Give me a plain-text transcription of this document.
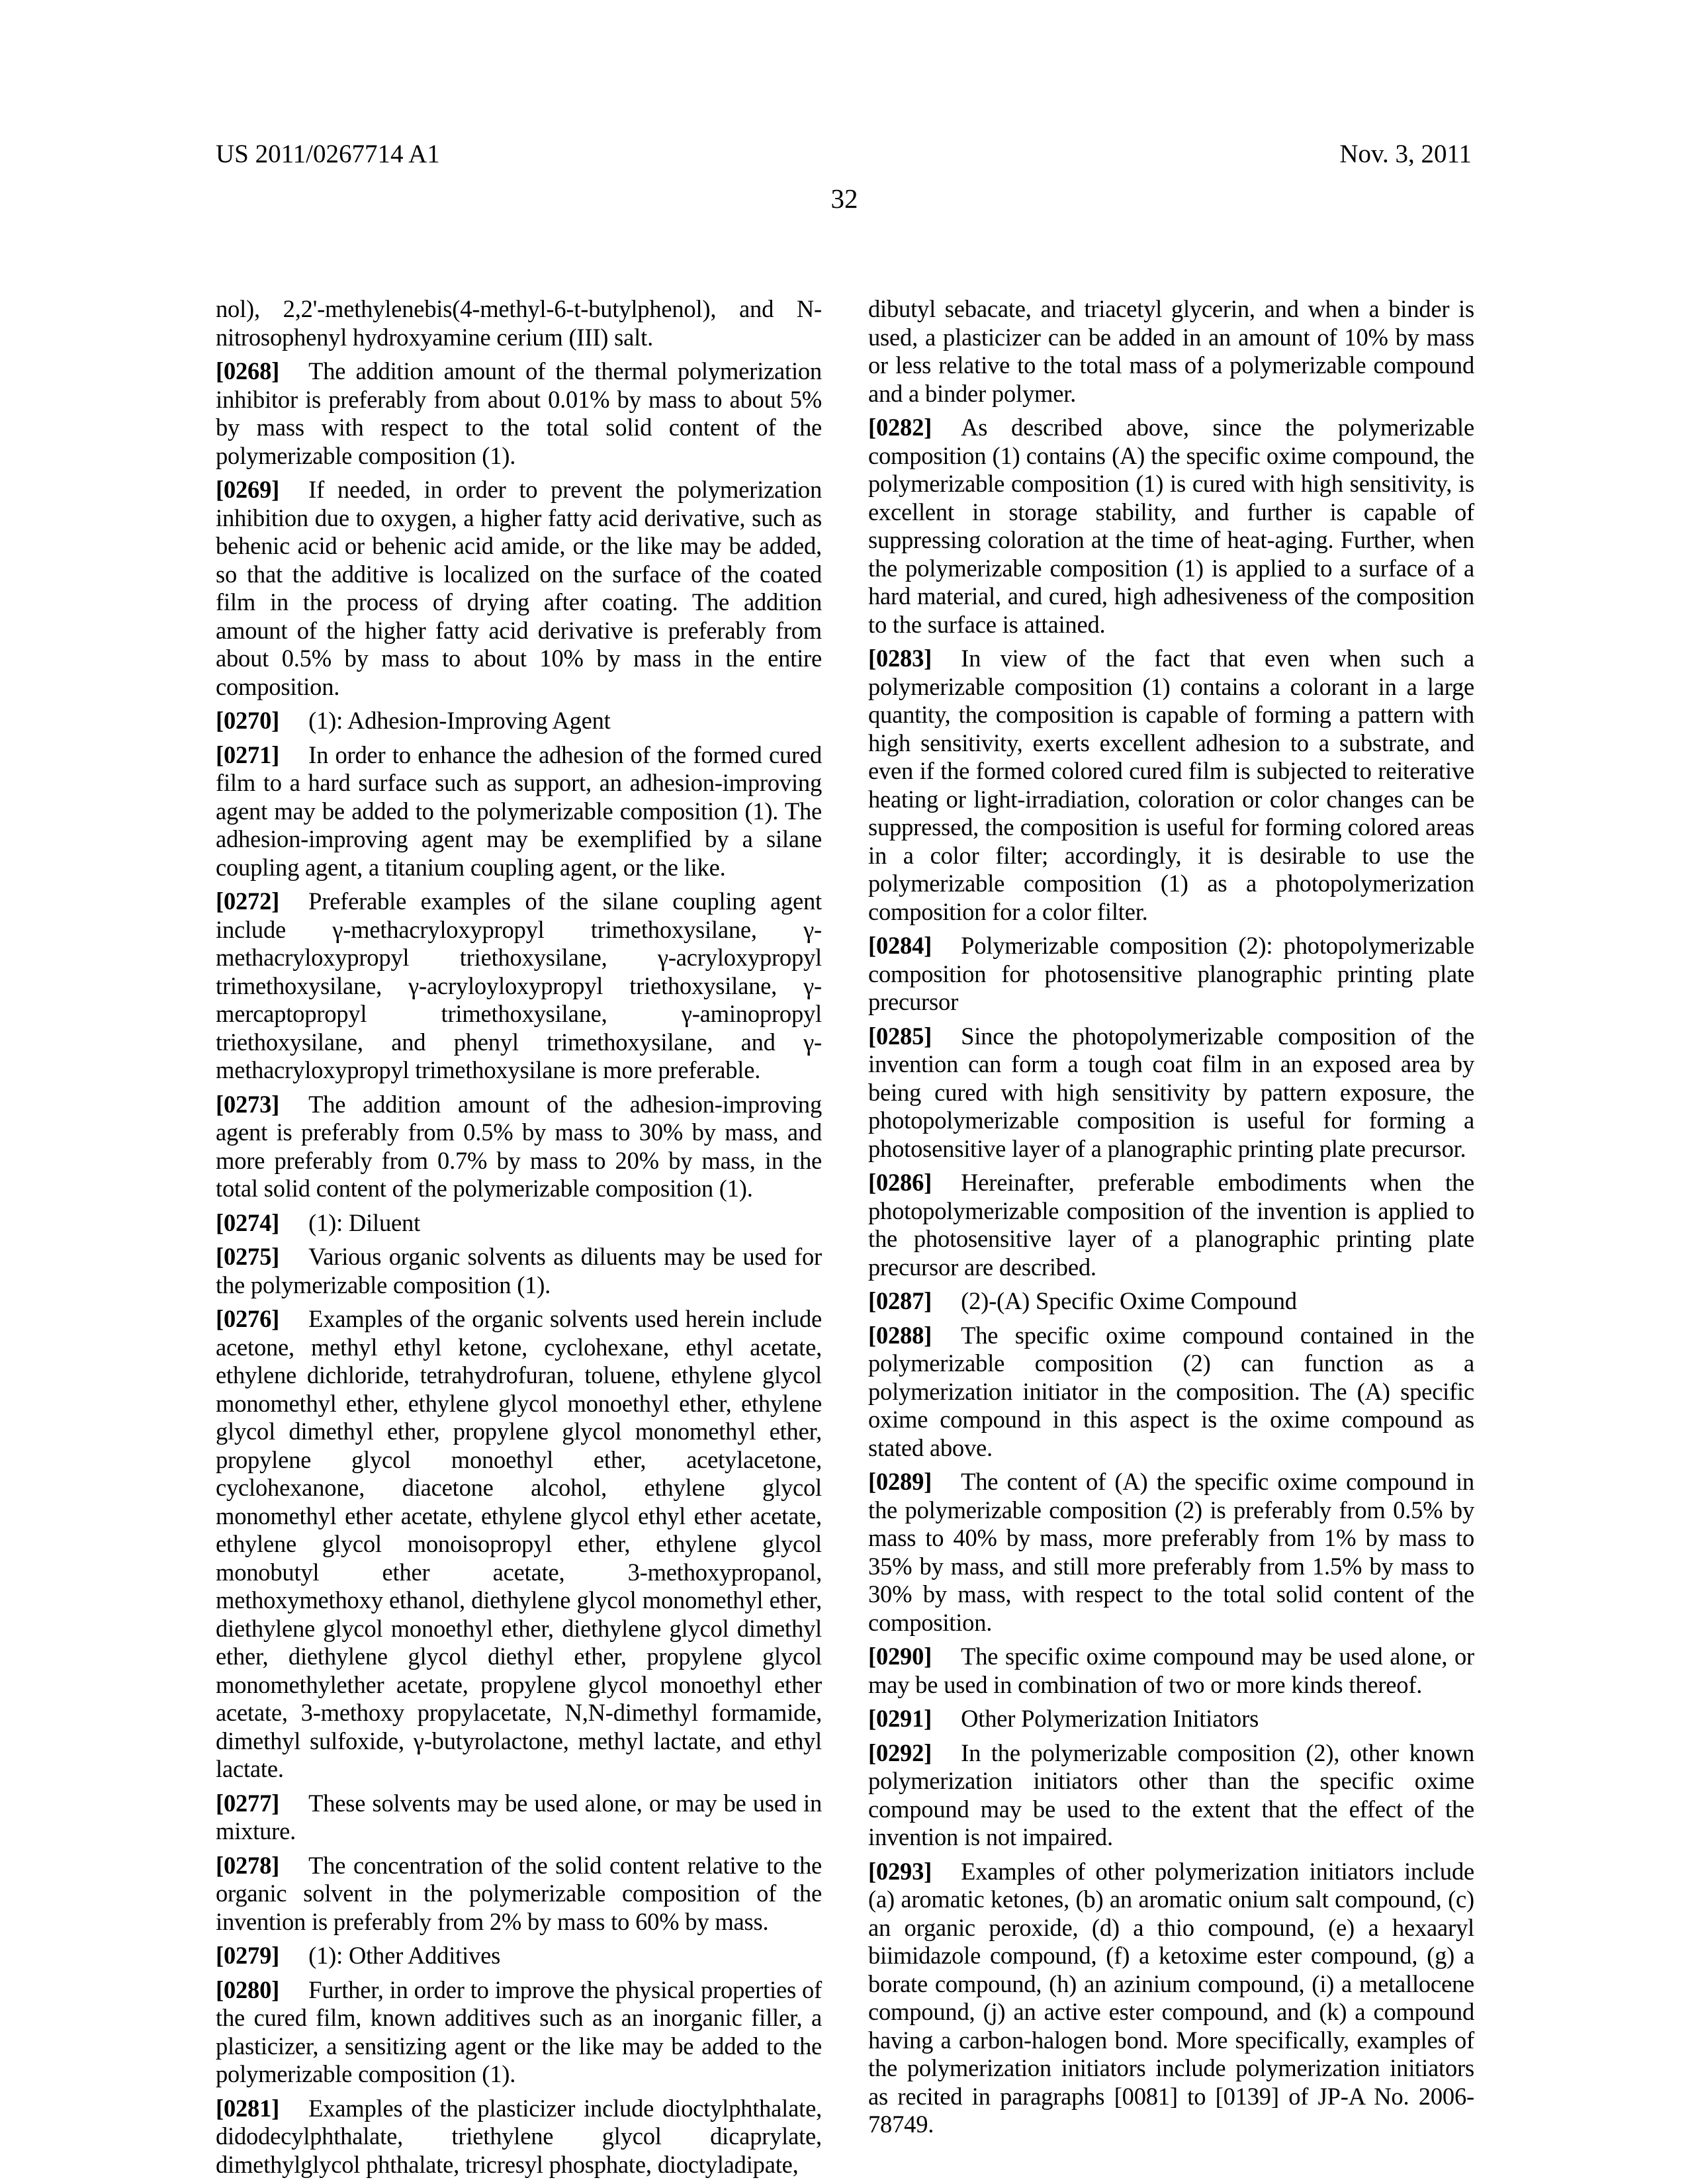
US 2011/0267714 A1	Nov. 3, 2011
32
nol), 2,2'-methylenebis(4-methyl-6-t-butylphenol), and N-nitrosophenyl hydroxyamine cerium (III) salt.
[0268] The addition amount of the thermal polymerization inhibitor is preferably from about 0.01% by mass to about 5% by mass with respect to the total solid content of the polymerizable composition (1).
[0269] If needed, in order to prevent the polymerization inhibition due to oxygen, a higher fatty acid derivative, such as behenic acid or behenic acid amide, or the like may be added, so that the additive is localized on the surface of the coated film in the process of drying after coating. The addition amount of the higher fatty acid derivative is preferably from about 0.5% by mass to about 10% by mass in the entire composition.
[0270] (1): Adhesion-Improving Agent
[0271] In order to enhance the adhesion of the formed cured film to a hard surface such as support, an adhesion-improving agent may be added to the polymerizable composition (1). The adhesion-improving agent may be exemplified by a silane coupling agent, a titanium coupling agent, or the like.
[0272] Preferable examples of the silane coupling agent include γ-methacryloxypropyl trimethoxysilane, γ-methacryloxypropyl triethoxysilane, γ-acryloxypropyl trimethoxysilane, γ-acryloyloxypropyl triethoxysilane, γ-mercaptopropyl trimethoxysilane, γ-aminopropyl triethoxysilane, and phenyl trimethoxysilane, and γ-methacryloxypropyl trimethoxysilane is more preferable.
[0273] The addition amount of the adhesion-improving agent is preferably from 0.5% by mass to 30% by mass, and more preferably from 0.7% by mass to 20% by mass, in the total solid content of the polymerizable composition (1).
[0274] (1): Diluent
[0275] Various organic solvents as diluents may be used for the polymerizable composition (1).
[0276] Examples of the organic solvents used herein include acetone, methyl ethyl ketone, cyclohexane, ethyl acetate, ethylene dichloride, tetrahydrofuran, toluene, ethylene glycol monomethyl ether, ethylene glycol monoethyl ether, ethylene glycol dimethyl ether, propylene glycol monomethyl ether, propylene glycol monoethyl ether, acetylacetone, cyclohexanone, diacetone alcohol, ethylene glycol monomethyl ether acetate, ethylene glycol ethyl ether acetate, ethylene glycol monoisopropyl ether, ethylene glycol monobutyl ether acetate, 3-methoxypropanol, methoxymethoxy ethanol, diethylene glycol monomethyl ether, diethylene glycol monoethyl ether, diethylene glycol dimethyl ether, diethylene glycol diethyl ether, propylene glycol monomethylether acetate, propylene glycol monoethyl ether acetate, 3-methoxy propylacetate, N,N-dimethyl formamide, dimethyl sulfoxide, γ-butyrolactone, methyl lactate, and ethyl lactate.
[0277] These solvents may be used alone, or may be used in mixture.
[0278] The concentration of the solid content relative to the organic solvent in the polymerizable composition of the invention is preferably from 2% by mass to 60% by mass.
[0279] (1): Other Additives
[0280] Further, in order to improve the physical properties of the cured film, known additives such as an inorganic filler, a plasticizer, a sensitizing agent or the like may be added to the polymerizable composition (1).
[0281] Examples of the plasticizer include dioctylphthalate, didodecylphthalate, triethylene glycol dicaprylate, dimethylglycol phthalate, tricresyl phosphate, dioctyladipate,
dibutyl sebacate, and triacetyl glycerin, and when a binder is used, a plasticizer can be added in an amount of 10% by mass or less relative to the total mass of a polymerizable compound and a binder polymer.
[0282] As described above, since the polymerizable composition (1) contains (A) the specific oxime compound, the polymerizable composition (1) is cured with high sensitivity, is excellent in storage stability, and further is capable of suppressing coloration at the time of heat-aging. Further, when the polymerizable composition (1) is applied to a surface of a hard material, and cured, high adhesiveness of the composition to the surface is attained.
[0283] In view of the fact that even when such a polymerizable composition (1) contains a colorant in a large quantity, the composition is capable of forming a pattern with high sensitivity, exerts excellent adhesion to a substrate, and even if the formed colored cured film is subjected to reiterative heating or light-irradiation, coloration or color changes can be suppressed, the composition is useful for forming colored areas in a color filter; accordingly, it is desirable to use the polymerizable composition (1) as a photopolymerization composition for a color filter.
[0284] Polymerizable composition (2): photopolymerizable composition for photosensitive planographic printing plate precursor
[0285] Since the photopolymerizable composition of the invention can form a tough coat film in an exposed area by being cured with high sensitivity by pattern exposure, the photopolymerizable composition is useful for forming a photosensitive layer of a planographic printing plate precursor.
[0286] Hereinafter, preferable embodiments when the photopolymerizable composition of the invention is applied to the photosensitive layer of a planographic printing plate precursor are described.
[0287] (2)-(A) Specific Oxime Compound
[0288] The specific oxime compound contained in the polymerizable composition (2) can function as a polymerization initiator in the composition. The (A) specific oxime compound in this aspect is the oxime compound as stated above.
[0289] The content of (A) the specific oxime compound in the polymerizable composition (2) is preferably from 0.5% by mass to 40% by mass, more preferably from 1% by mass to 35% by mass, and still more preferably from 1.5% by mass to 30% by mass, with respect to the total solid content of the composition.
[0290] The specific oxime compound may be used alone, or may be used in combination of two or more kinds thereof.
[0291] Other Polymerization Initiators
[0292] In the polymerizable composition (2), other known polymerization initiators other than the specific oxime compound may be used to the extent that the effect of the invention is not impaired.
[0293] Examples of other polymerization initiators include (a) aromatic ketones, (b) an aromatic onium salt compound, (c) an organic peroxide, (d) a thio compound, (e) a hexaaryl biimidazole compound, (f) a ketoxime ester compound, (g) a borate compound, (h) an azinium compound, (i) a metallocene compound, (j) an active ester compound, and (k) a compound having a carbon-halogen bond. More specifically, examples of the polymerization initiators include polymerization initiators as recited in paragraphs [0081] to [0139] of JP-A No. 2006-78749.
